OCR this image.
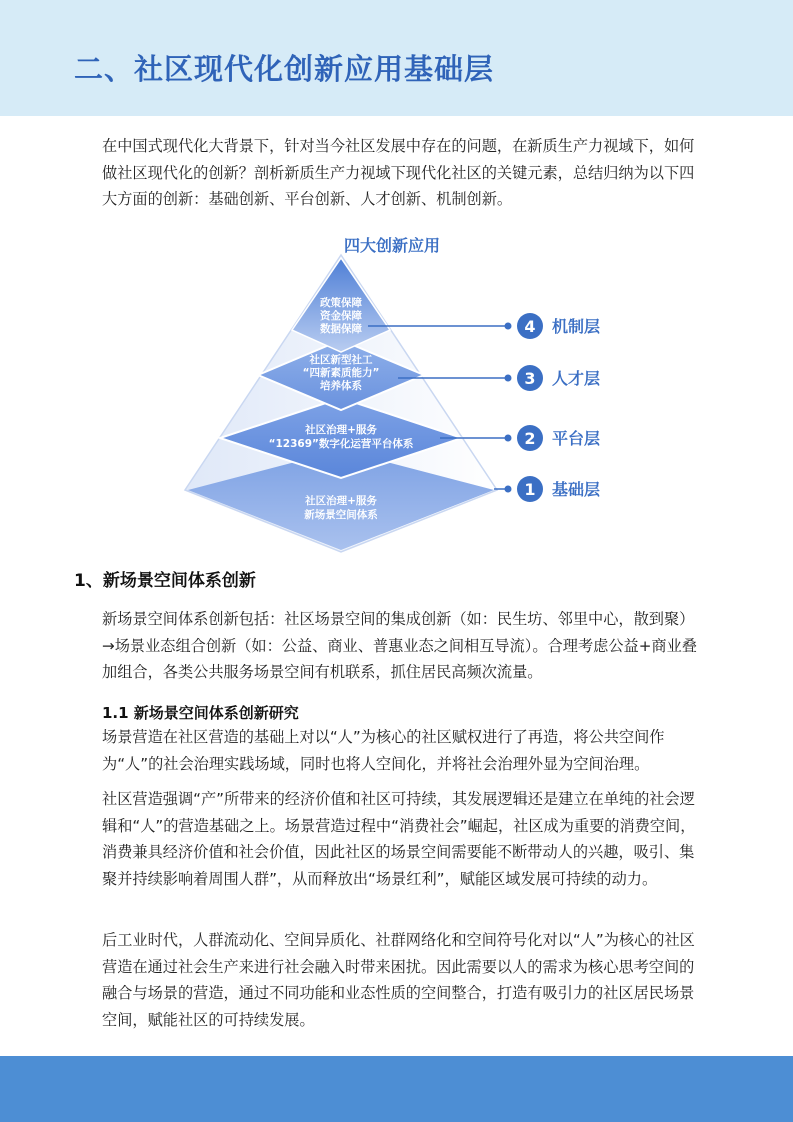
二、社区现代化创新应用基础层

在中国式现代化大背景下，针对当今社区发展中存在的问题，在新质生产力视域下，如何做社区现代化的创新？剖析新质生产力视域下现代化社区的关键元素，总结归纳为以下四大方面的创新：基础创新、平台创新、人才创新、机制创新。

四大创新应用
政策保障
资金保障
数据保障
社区新型社工
“四新素质能力”
培养体系
社区治理+服务
“12369”数字化运营平台体系
社区治理+服务
新场景空间体系
4 机制层
3 人才层
2 平台层
1 基础层
1、新场景空间体系创新

新场景空间体系创新包括：社区场景空间的集成创新（如：民生坊、邻里中心，散到聚）→场景业态组合创新（如：公益、商业、普惠业态之间相互导流）。合理考虑公益+商业叠加组合，各类公共服务场景空间有机联系，抓住居民高频次流量。

1.1 新场景空间体系创新研究

场景营造在社区营造的基础上对以“人”为核心的社区赋权进行了再造，将公共空间作为“人”的社会治理实践场域，同时也将人空间化，并将社会治理外显为空间治理。

社区营造强调“产”所带来的经济价值和社区可持续，其发展逻辑还是建立在单纯的社会逻辑和“人”的营造基础之上。场景营造过程中“消费社会”崛起，社区成为重要的消费空间，消费兼具经济价值和社会价值，因此社区的场景空间需要能不断带动人的兴趣，吸引、集聚并持续影响着周围人群”，从而释放出“场景红利”，赋能区域发展可持续的动力。

后工业时代，人群流动化、空间异质化、社群网络化和空间符号化对以“人”为核心的社区营造在通过社会生产来进行社会融入时带来困扰。因此需要以人的需求为核心思考空间的融合与场景的营造，通过不同功能和业态性质的空间整合，打造有吸引力的社区居民场景空间，赋能社区的可持续发展。
